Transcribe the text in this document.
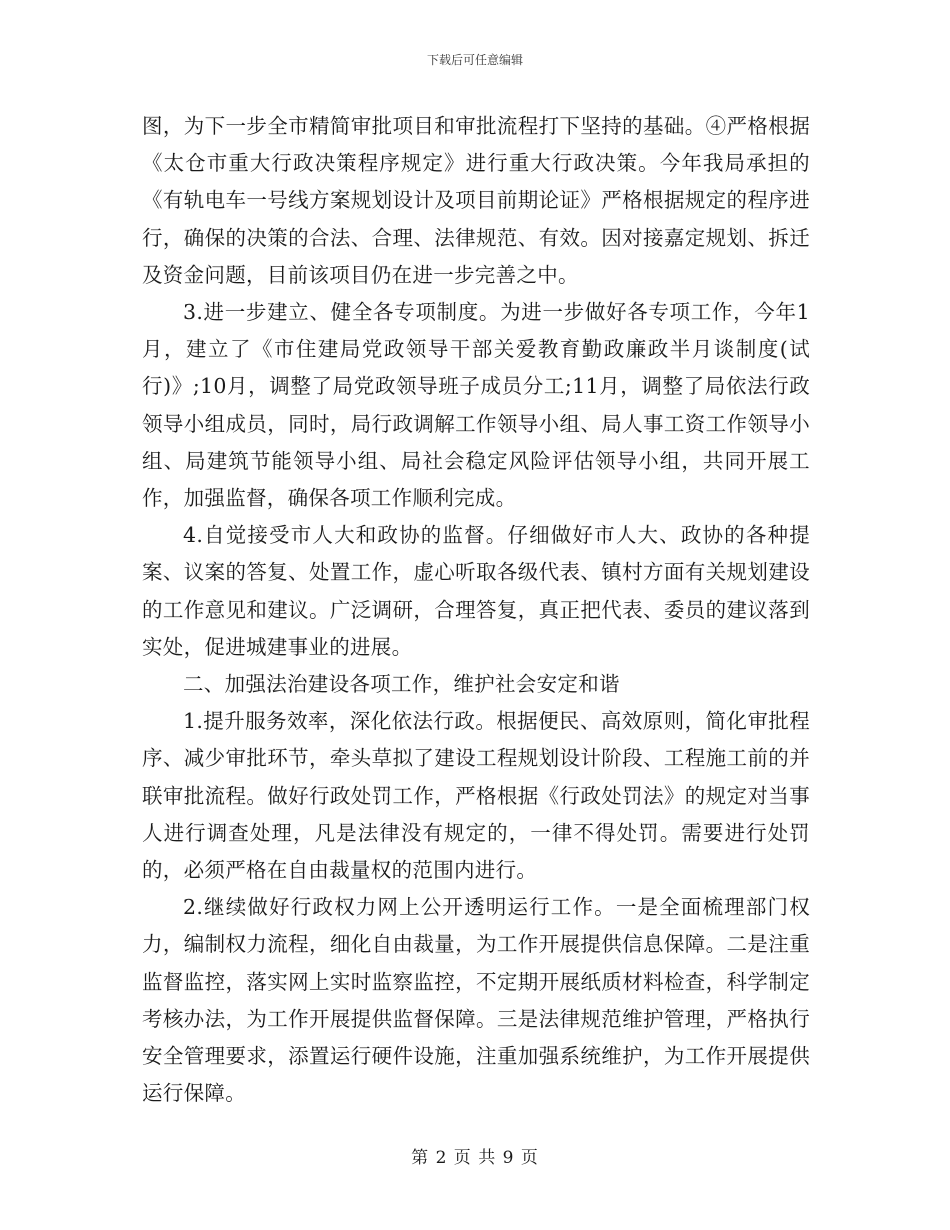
下载后可任意编辑

图，为下一步全市精简审批项目和审批流程打下坚持的基础。④严格根据《太仓市重大行政决策程序规定》进行重大行政决策。今年我局承担的《有轨电车一号线方案规划设计及项目前期论证》严格根据规定的程序进行，确保的决策的合法、合理、法律规范、有效。因对接嘉定规划、拆迁及资金问题，目前该项目仍在进一步完善之中。

3.进一步建立、健全各专项制度。为进一步做好各专项工作，今年1月，建立了《市住建局党政领导干部关爱教育勤政廉政半月谈制度(试行)》;10月，调整了局党政领导班子成员分工;11月，调整了局依法行政领导小组成员，同时，局行政调解工作领导小组、局人事工资工作领导小组、局建筑节能领导小组、局社会稳定风险评估领导小组，共同开展工作，加强监督，确保各项工作顺利完成。

4.自觉接受市人大和政协的监督。仔细做好市人大、政协的各种提案、议案的答复、处置工作，虚心听取各级代表、镇村方面有关规划建设的工作意见和建议。广泛调研，合理答复，真正把代表、委员的建议落到实处，促进城建事业的进展。

二、加强法治建设各项工作，维护社会安定和谐

1.提升服务效率，深化依法行政。根据便民、高效原则，简化审批程序、减少审批环节，牵头草拟了建设工程规划设计阶段、工程施工前的并联审批流程。做好行政处罚工作，严格根据《行政处罚法》的规定对当事人进行调查处理，凡是法律没有规定的，一律不得处罚。需要进行处罚的，必须严格在自由裁量权的范围内进行。

2.继续做好行政权力网上公开透明运行工作。一是全面梳理部门权力，编制权力流程，细化自由裁量，为工作开展提供信息保障。二是注重监督监控，落实网上实时监察监控，不定期开展纸质材料检查，科学制定考核办法，为工作开展提供监督保障。三是法律规范维护管理，严格执行安全管理要求，添置运行硬件设施，注重加强系统维护，为工作开展提供运行保障。

第 2 页 共 9 页
